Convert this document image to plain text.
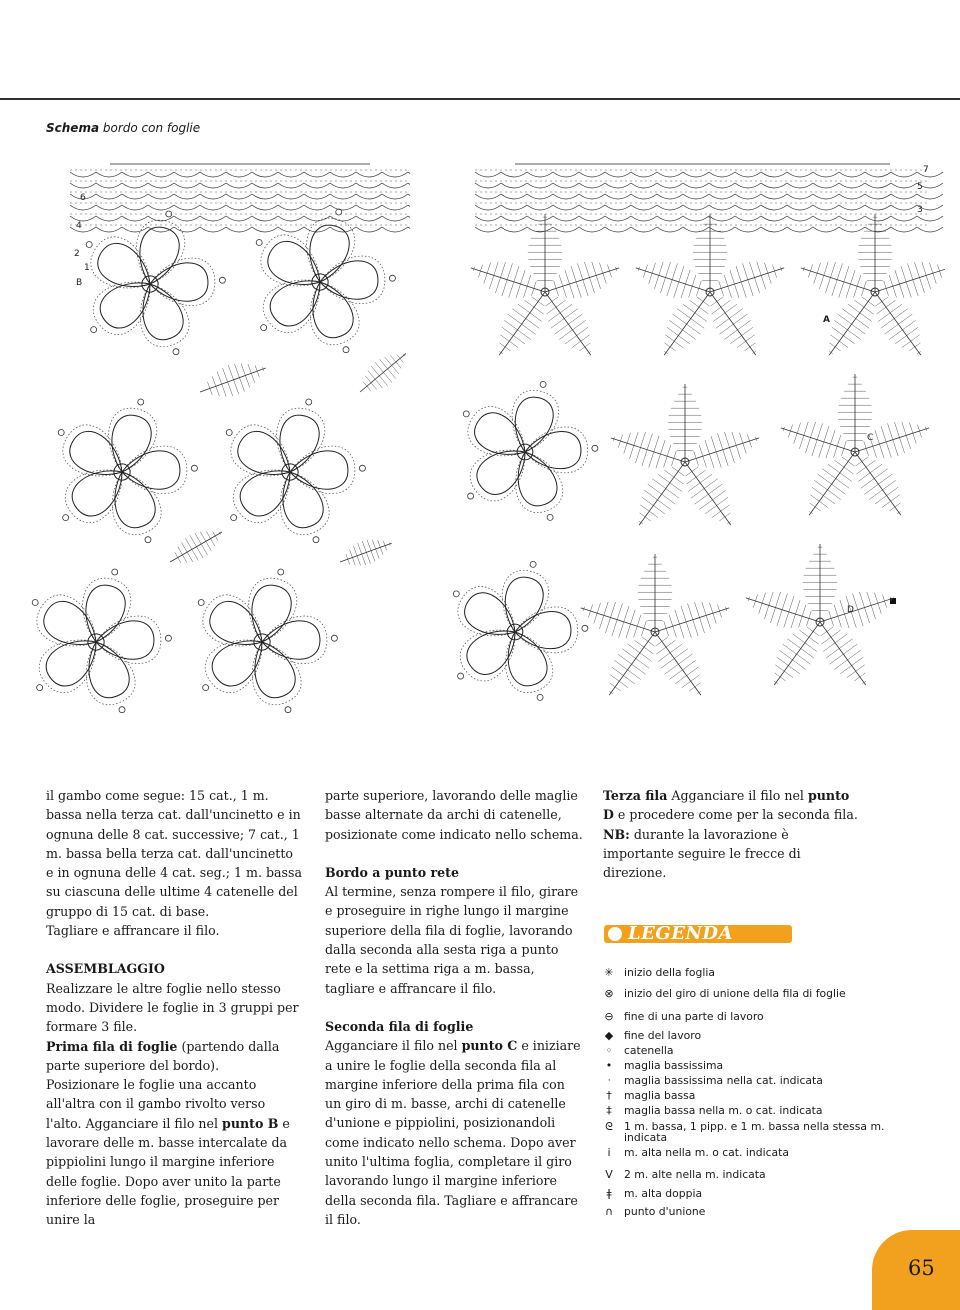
Schema bordo con foglie
6
4
2
1
B
7
5
3
A
C
D

il gambo come segue: 15 cat., 1 m. bassa nella terza cat. dall'uncinetto e in ognuna delle 8 cat. successive; 7 cat., 1 m. bassa bella terza cat. dall'uncinetto e in ognuna delle 4 cat. seg.; 1 m. bassa su ciascuna delle ultime 4 catenelle del gruppo di 15 cat. di base.

Tagliare e affrancare il filo.

ASSEMBLAGGIO

Realizzare le altre foglie nello stesso modo. Dividere le foglie in 3 gruppi per formare 3 file.

Prima fila di foglie (partendo dalla parte superiore del bordo).

Posizionare le foglie una accanto all'altra con il gambo rivolto verso l'alto. Agganciare il filo nel punto B e lavorare delle m. basse intercalate da pippiolini lungo il margine inferiore delle foglie. Dopo aver unito la parte inferiore delle foglie, proseguire per unire la

parte superiore, lavorando delle maglie basse alternate da archi di catenelle, posizionate come indicato nello schema.

Bordo a punto rete

Al termine, senza rompere il filo, girare e proseguire in righe lungo il margine superiore della fila di foglie, lavorando dalla seconda alla sesta riga a punto rete e la settima riga a m. bassa, tagliare e affrancare il filo.

Seconda fila di foglie

Agganciare il filo nel punto C e iniziare a unire le foglie della seconda fila al margine inferiore della prima fila con un giro di m. basse, archi di catenelle d'unione e pippiolini, posizionandoli come indicato nello schema. Dopo aver unito l'ultima foglia, completare il giro lavorando lungo il margine inferiore della seconda fila. Tagliare e affrancare il filo.

Terza fila Agganciare il filo nel punto D e procedere come per la seconda fila.

NB: durante la lavorazione è importante seguire le frecce di direzione.

LEGENDA
✳ inizio della foglia
⊗ inizio del giro di unione della fila di foglie
⊖ fine di una parte di lavoro
◆ fine del lavoro
◦	catenella
•	maglia bassissima
ᐧ	maglia bassissima nella cat. indicata
†	maglia bassa
‡	maglia bassa nella m. o cat. indicata
ᘓ 1 m. bassa, 1 pipp. e 1 m. bassa nella stessa m. indicata
ⅰ	m. alta nella m. o cat. indicata
V 2 m. alte nella m. indicata
ǂ	m. alta doppia
∩ punto d'unione
65
